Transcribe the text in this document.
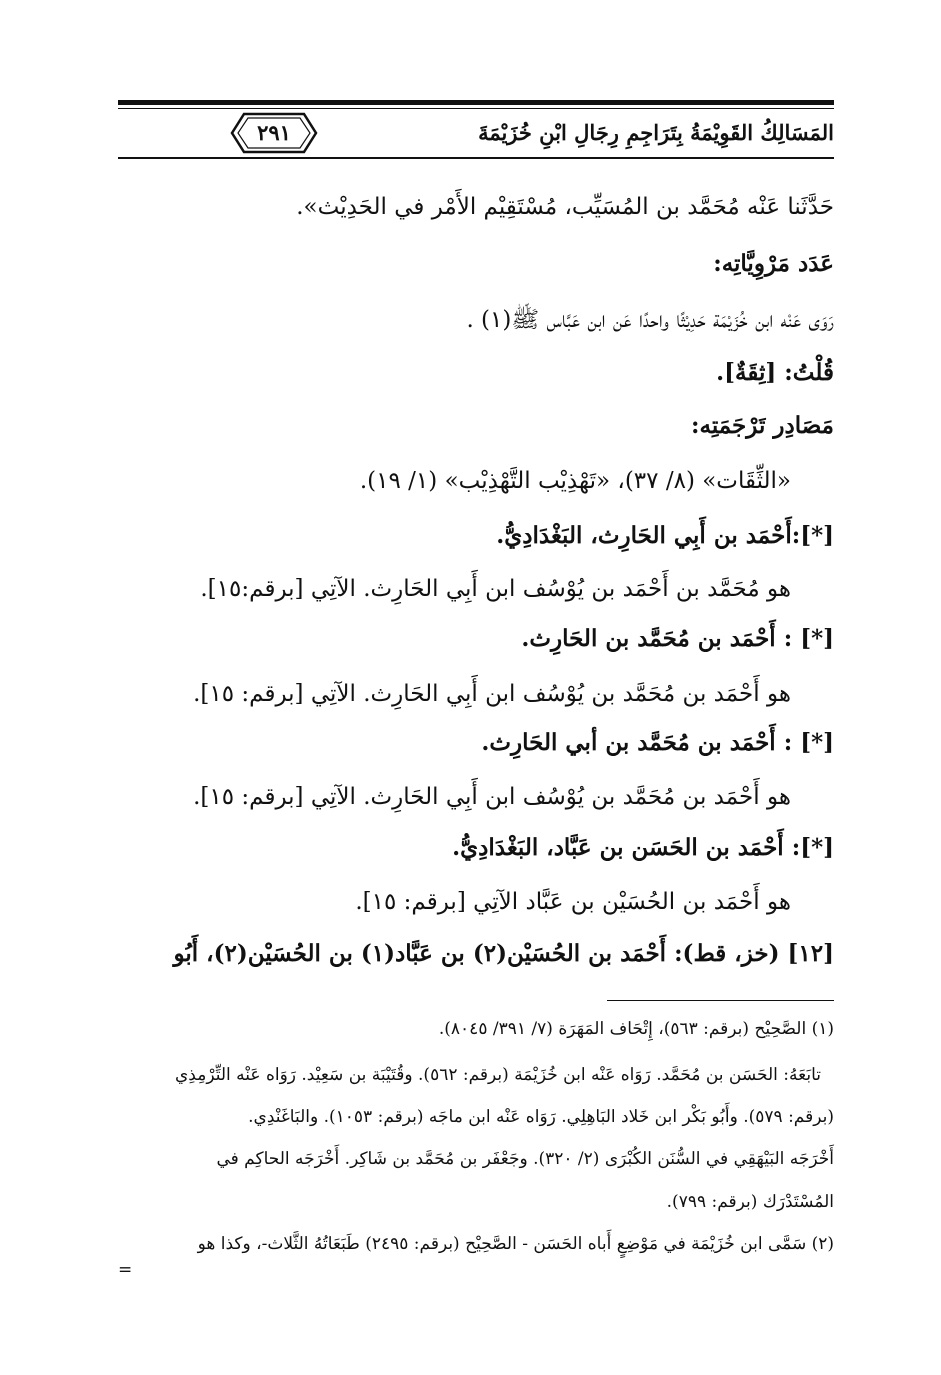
٢٩١	المَسَالِكُ القَوِيْمَةُ بِتَرَاجِمِ رِجَالِ ابْنِ خُزَيْمَةَ
حَدَّثَنا عَنْه مُحَمَّد بن المُسَيِّب، مُسْتَقِيْم الأَمْر في الحَدِيْث».
عَدَد مَرْوِيَّاتِه:
رَوَى عَنْه ابن خُزَيْمَة حَدِيْثًا واحدًا عَن ابن عَبَّاس ﷺ(١) .
قُلْتُ: [ثِقَةٌ].
مَصَادِر تَرْجَمَتِه:
«الثِّقَات» (٨/ ٣٧)، «تَهْذِيْب التَّهْذِيْب» (١/ ١٩).
[*]:أَحْمَد بن أَبِي الحَارِث، البَغْدَادِيُّ.
هو مُحَمَّد بن أَحْمَد بن يُوْسُف ابن أَبِي الحَارِث. الآتِي [برقم:١٥].
[*] : أَحْمَد بن مُحَمَّد بن الحَارِث.
هو أَحْمَد بن مُحَمَّد بن يُوْسُف ابن أَبِي الحَارِث. الآتِي [برقم: ١٥].
[*] : أَحْمَد بن مُحَمَّد بن أبي الحَارِث.
هو أَحْمَد بن مُحَمَّد بن يُوْسُف ابن أَبِي الحَارِث. الآتِي [برقم: ١٥].
[*]: أَحْمَد بن الحَسَن بن عَبَّاد، البَغْدَادِيُّ.
هو أَحْمَد بن الحُسَيْن بن عَبَّاد الآتِي [برقم: ١٥].
[١٢] (خز، قط): أَحْمَد بن الحُسَيْن(٢) بن عَبَّاد(١) بن الحُسَيْن(٢)، أَبُو
(١) الصَّحِيْح (برقم: ٥٦٣)، إِتْحَاف المَهَرَة (٧/ ٣٩١/ ٨٠٤٥).
تابَعَهُ: الحَسَن بن مُحَمَّد. رَوَاه عَنْه ابن خُزَيْمَة (برقم: ٥٦٢). وقُتَيْبَة بن سَعِيْد. رَوَاه عَنْه التِّرْمِذِي
(برقم: ٥٧٩). وأَبُو بَكْر ابن خَلاد البَاهِلِي. رَوَاه عَنْه ابن ماجَه (برقم: ١٠٥٣). والبَاغَنْدِي.
أَخْرَجَه البَيْهَقِي في السُّنَن الكُبْرَى (٢/ ٣٢٠). وجَعْفَر بن مُحَمَّد بن شَاكِر. أَخْرَجَه الحاكِم في
المُسْتَدْرَك (برقم: ٧٩٩).
(٢) سَمَّى ابن خُزَيْمَة في مَوْضِعٍ أَباه الحَسَن - الصَّحِيْح (برقم: ٢٤٩٥) طَبَعَاتُهُ الثَّلاث-، وكذا هو
=
